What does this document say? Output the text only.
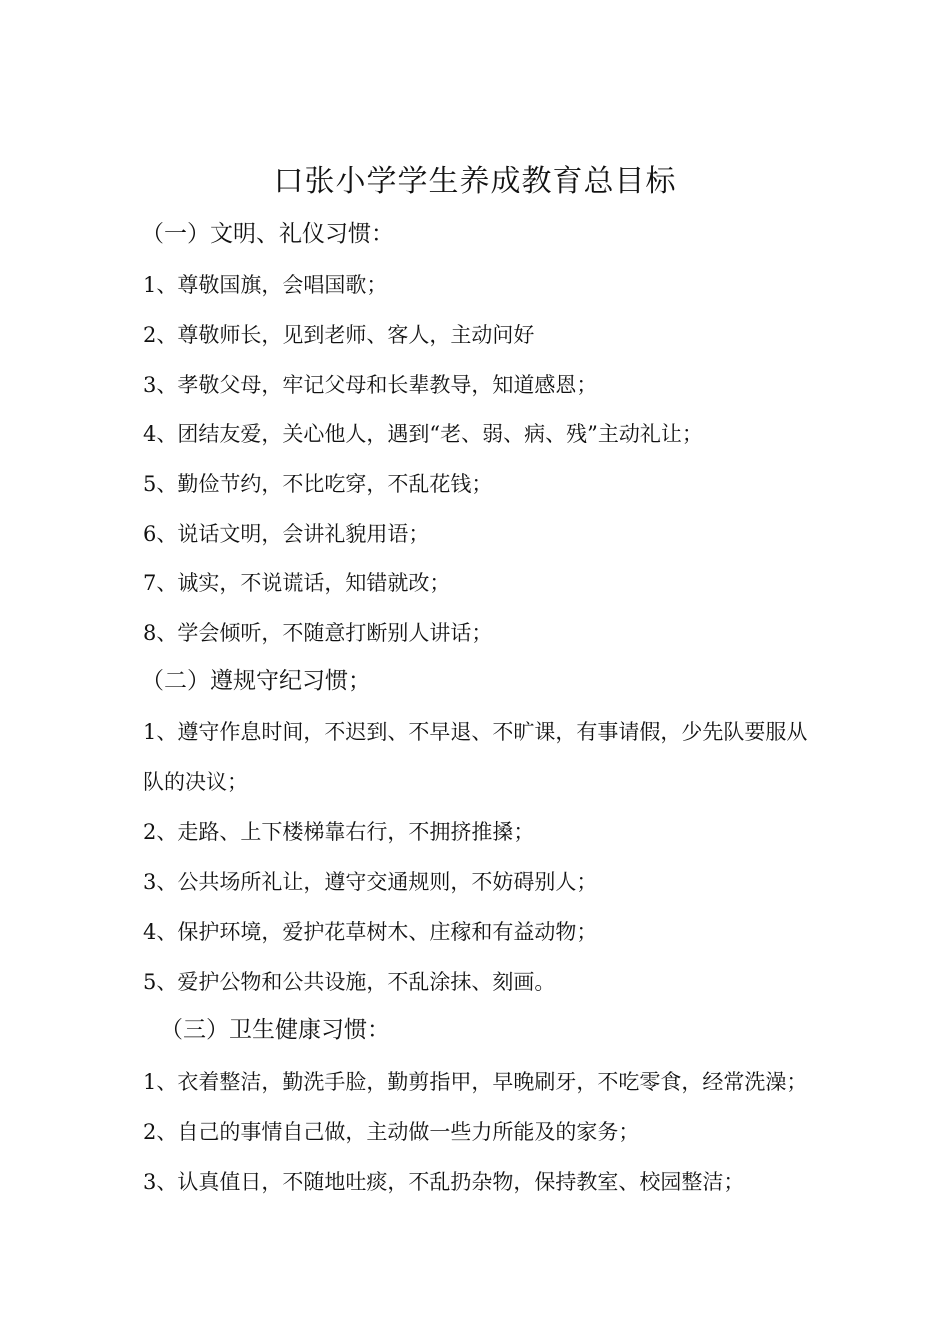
口张小学学生养成教育总目标
（一）文明、礼仪习惯：
1、尊敬国旗，会唱国歌；
2、尊敬师长，见到老师、客人，主动问好
3、孝敬父母，牢记父母和长辈教导，知道感恩；
4、团结友爱，关心他人，遇到“老、弱、病、残”主动礼让；
5、勤俭节约，不比吃穿，不乱花钱；
6、说话文明，会讲礼貌用语；
7、诚实，不说谎话，知错就改；
8、学会倾听，不随意打断别人讲话；
（二）遵规守纪习惯；
1、遵守作息时间，不迟到、不早退、不旷课，有事请假，少先队要服从
队的决议；
2、走路、上下楼梯靠右行，不拥挤推搡；
3、公共场所礼让，遵守交通规则，不妨碍别人；
4、保护环境，爱护花草树木、庄稼和有益动物；
5、爱护公物和公共设施，不乱涂抹、刻画。
（三）卫生健康习惯：
1、衣着整洁，勤洗手脸，勤剪指甲，早晚刷牙，不吃零食，经常洗澡；
2、自己的事情自己做，主动做一些力所能及的家务；
3、认真值日，不随地吐痰，不乱扔杂物，保持教室、校园整洁；
